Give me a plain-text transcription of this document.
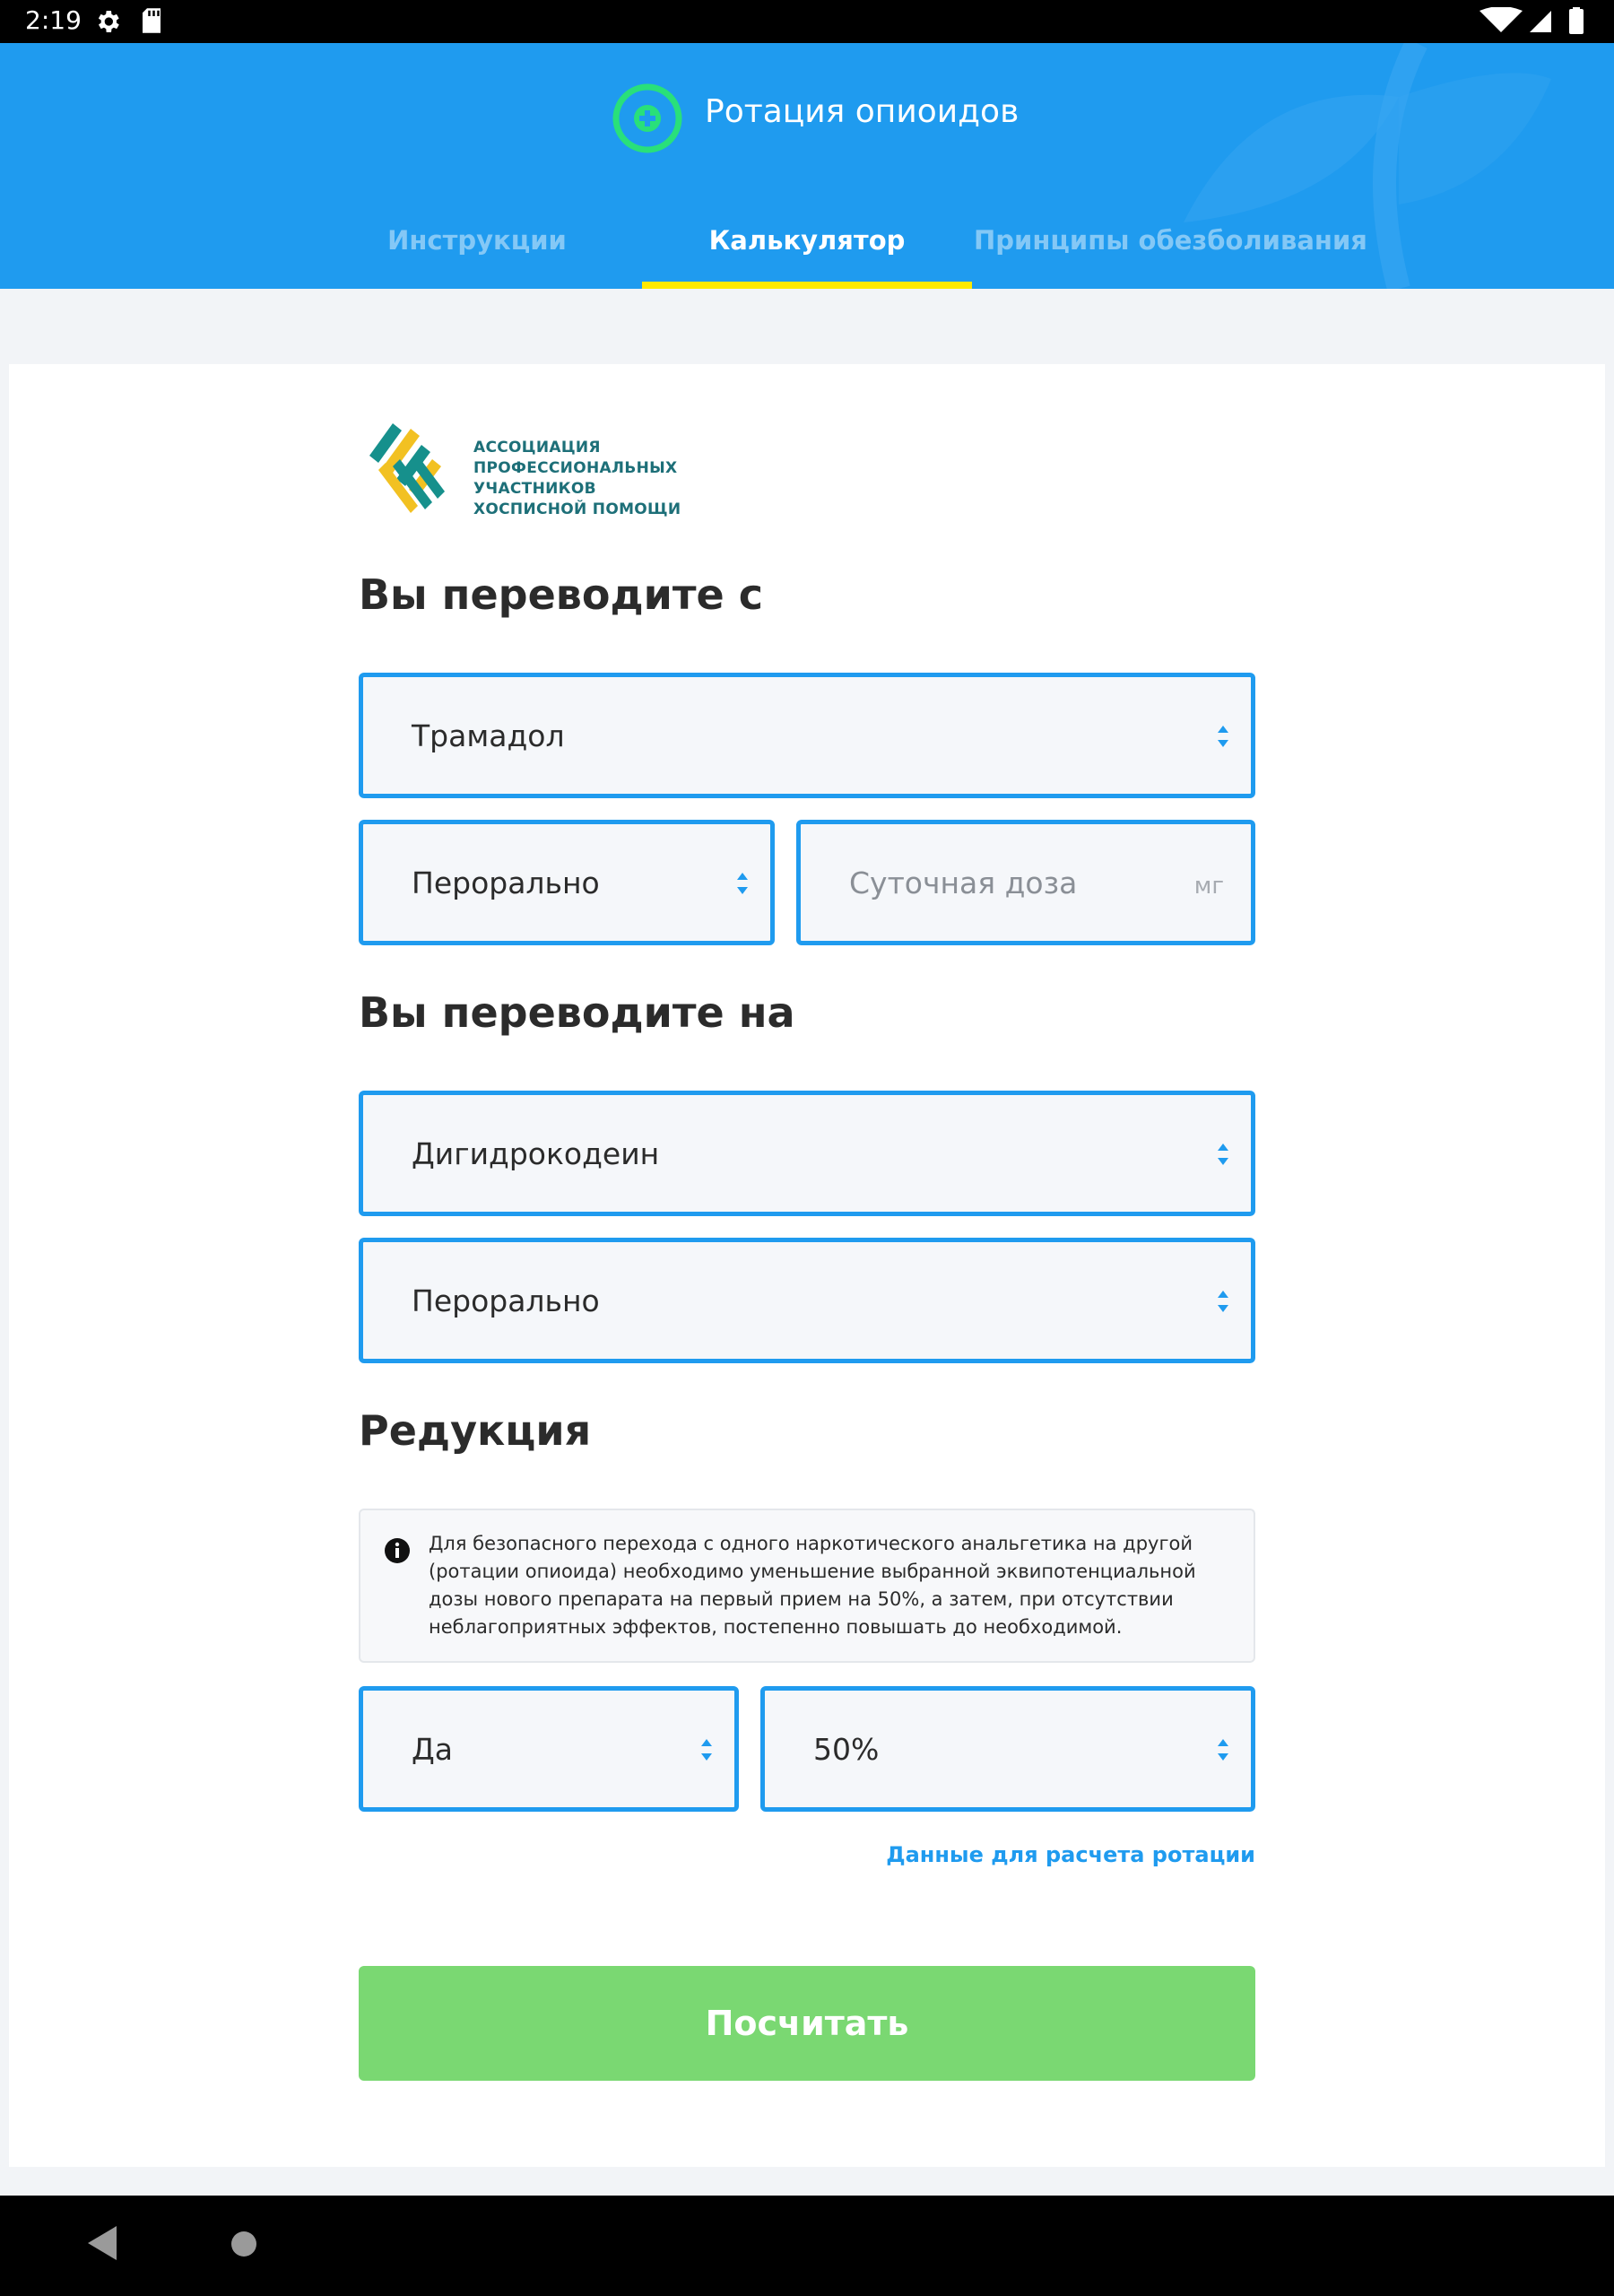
2:19
Ротация опиоидов
Инструкции	Калькулятор	Принципы обезболивания
АССОЦИАЦИЯ
ПРОФЕССИОНАЛЬНЫХ
УЧАСТНИКОВ
ХОСПИСНОЙ ПОМОЩИ
Вы переводите с
Трамадол
Перорально	Суточная доза	мг
Вы переводите на
Дигидрокодеин
Перорально
Редукция
Для безопасного перехода с одного наркотического анальгетика на другой (ротации опиоида) необходимо уменьшение выбранной эквипотенциальной дозы нового препарата на первый прием на 50%, а затем, при отсутствии неблагоприятных эффектов, постепенно повышать до необходимой.
Да	50%
Данные для расчета ротации
Посчитать
